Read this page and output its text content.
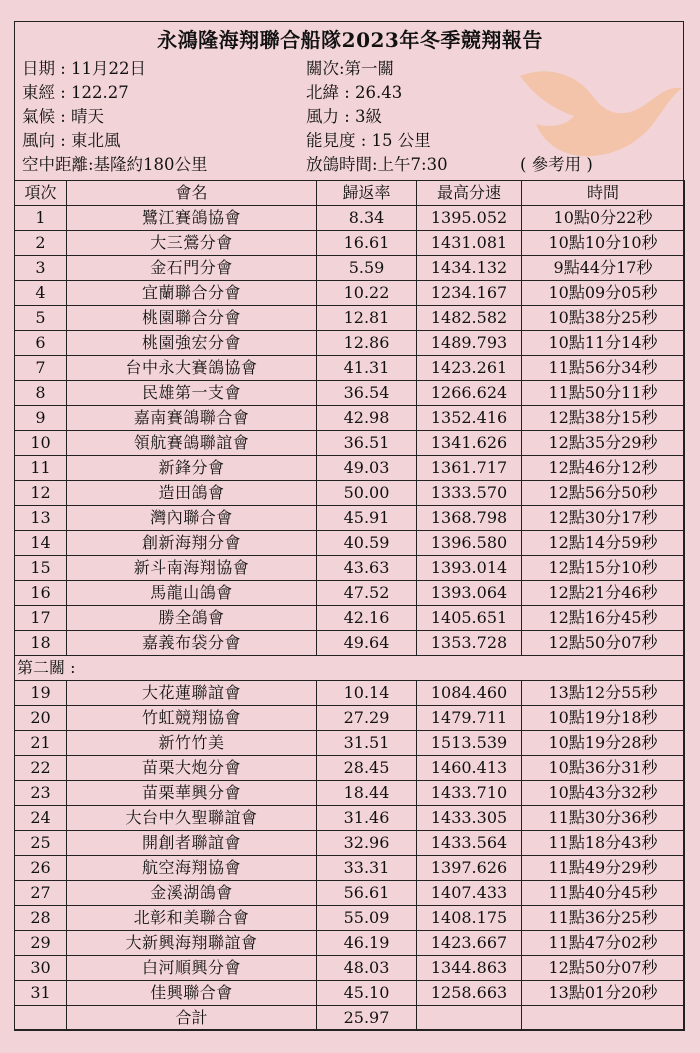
永鴻隆海翔聯合船隊2023年冬季競翔報告
日期 : 11月22日	關次:第一關
東經 : 122.27	北緯 : 26.43
氣候 : 晴天	風力 : 3級
風向 : 東北風	能見度 : 15 公里
空中距離:基隆約180公里	放鴿時間:上午7:30	( 參考用 )
項次	會名	歸返率	最高分速	時間
1	鷺江賽鴿協會	8.34	1395.052	10點0分22秒
2	大三鶯分會	16.61	1431.081	10點10分10秒
3	金石門分會	5.59	1434.132	9點44分17秒
4	宜蘭聯合分會	10.22	1234.167	10點09分05秒
5	桃園聯合分會	12.81	1482.582	10點38分25秒
6	桃園強宏分會	12.86	1489.793	10點11分14秒
7	台中永大賽鴿協會	41.31	1423.261	11點56分34秒
8	民雄第一支會	36.54	1266.624	11點50分11秒
9	嘉南賽鴿聯合會	42.98	1352.416	12點38分15秒
10	領航賽鴿聯誼會	36.51	1341.626	12點35分29秒
11	新鋒分會	49.03	1361.717	12點46分12秒
12	造田鴿會	50.00	1333.570	12點56分50秒
13	灣內聯合會	45.91	1368.798	12點30分17秒
14	創新海翔分會	40.59	1396.580	12點14分59秒
15	新斗南海翔協會	43.63	1393.014	12點15分10秒
16	馬龍山鴿會	47.52	1393.064	12點21分46秒
17	勝全鴿會	42.16	1405.651	12點16分45秒
18	嘉義布袋分會	49.64	1353.728	12點50分07秒
第二關 :				
19	大花蓮聯誼會	10.14	1084.460	13點12分55秒
20	竹虹競翔協會	27.29	1479.711	10點19分18秒
21	新竹竹美	31.51	1513.539	10點19分28秒
22	苗栗大炮分會	28.45	1460.413	10點36分31秒
23	苗栗華興分會	18.44	1433.710	10點43分32秒
24	大台中久聖聯誼會	31.46	1433.305	11點30分36秒
25	開創者聯誼會	32.96	1433.564	11點18分43秒
26	航空海翔協會	33.31	1397.626	11點49分29秒
27	金溪湖鴿會	56.61	1407.433	11點40分45秒
28	北彰和美聯合會	55.09	1408.175	11點36分25秒
29	大新興海翔聯誼會	46.19	1423.667	11點47分02秒
30	白河順興分會	48.03	1344.863	12點50分07秒
31	佳興聯合會	45.10	1258.663	13點01分20秒
	合計	25.97		
